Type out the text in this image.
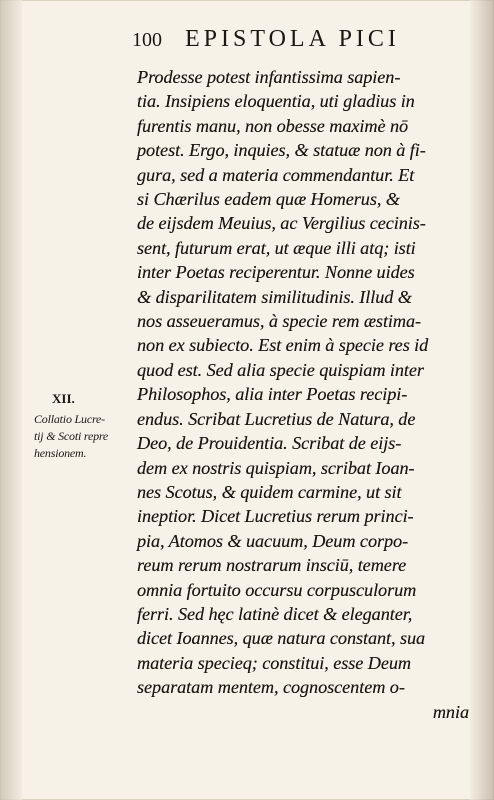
100 EPISTOLA PICI
XII.
Collatio Lucre-
tij & Scoti repre
hensionem.
Prodesse potest infantissima sapien-
tia. Insipiens eloquentia, uti gladius in
furentis manu, non obesse maximè nō
potest. Ergo, inquies, & statuæ non à fi-
gura, sed a materia commendantur. Et
si Chærilus eadem quæ Homerus, &
de eijsdem Meuius, ac Vergilius cecinis-
sent, futurum erat, ut æque illi atq; isti
inter Poetas reciperentur. Nonne uides
& disparilitatem similitudinis. Illud &
nos asseueramus, à specie rem æstima-
non ex subiecto. Est enim à specie res id
quod est. Sed alia specie quispiam inter
Philosophos, alia inter Poetas recipi-
endus. Scribat Lucretius de Natura, de
Deo, de Prouidentia. Scribat de eijs-
dem ex nostris quispiam, scribat Ioan-
nes Scotus, & quidem carmine, ut sit
ineptior. Dicet Lucretius rerum princi-
pia, Atomos & uacuum, Deum corpo-
reum rerum nostrarum insciū, temere
omnia fortuito occursu corpusculorum
ferri. Sed hęc latinè dicet & eleganter,
dicet Ioannes, quæ natura constant, sua
materia specieq; constitui, esse Deum
separatam mentem, cognoscentem o-
mnia
